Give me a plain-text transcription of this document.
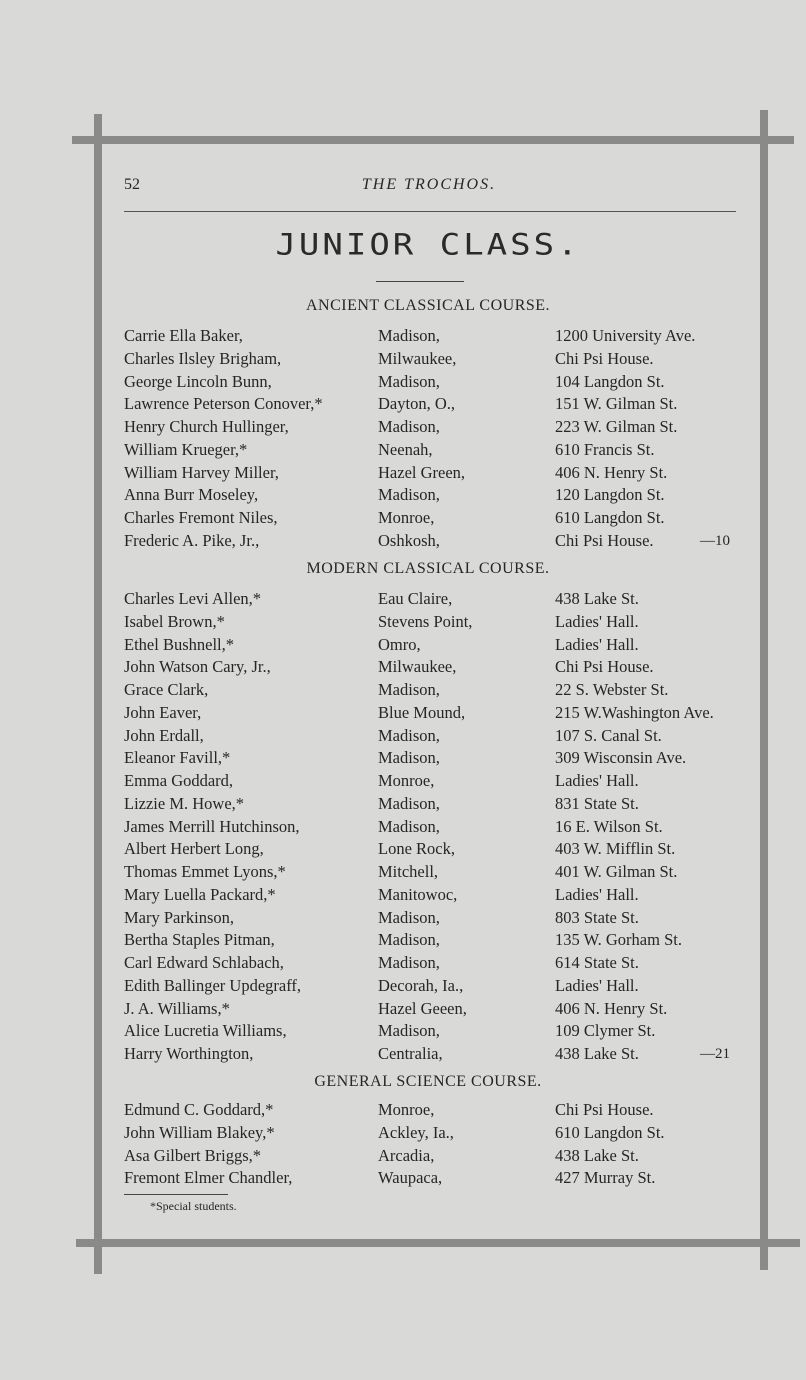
52	THE TROCHOS.
JUNIOR CLASS.
ANCIENT CLASSICAL COURSE.
Carrie Ella Baker,	Madison,	1200 University Ave.
Charles Ilsley Brigham,	Milwaukee,	Chi Psi House.
George Lincoln Bunn,	Madison,	104 Langdon St.
Lawrence Peterson Conover,*	Dayton, O.,	151 W. Gilman St.
Henry Church Hullinger,	Madison,	223 W. Gilman St.
William Krueger,*	Neenah,	610 Francis St.
William Harvey Miller,	Hazel Green,	406 N. Henry St.
Anna Burr Moseley,	Madison,	120 Langdon St.
Charles Fremont Niles,	Monroe,	610 Langdon St.
Frederic A. Pike, Jr.,	Oshkosh,	Chi Psi House.	—10
MODERN CLASSICAL COURSE.
Charles Levi Allen,*	Eau Claire,	438 Lake St.
Isabel Brown,*	Stevens Point,	Ladies' Hall.
Ethel Bushnell,*	Omro,	Ladies' Hall.
John Watson Cary, Jr.,	Milwaukee,	Chi Psi House.
Grace Clark,	Madison,	22 S. Webster St.
John Eaver,	Blue Mound,	215 W.Washington Ave.
John Erdall,	Madison,	107 S. Canal St.
Eleanor Favill,*	Madison,	309 Wisconsin Ave.
Emma Goddard,	Monroe,	Ladies' Hall.
Lizzie M. Howe,*	Madison,	831 State St.
James Merrill Hutchinson,	Madison,	16 E. Wilson St.
Albert Herbert Long,	Lone Rock,	403 W. Mifflin St.
Thomas Emmet Lyons,*	Mitchell,	401 W. Gilman St.
Mary Luella Packard,*	Manitowoc,	Ladies' Hall.
Mary Parkinson,	Madison,	803 State St.
Bertha Staples Pitman,	Madison,	135 W. Gorham St.
Carl Edward Schlabach,	Madison,	614 State St.
Edith Ballinger Updegraff,	Decorah, Ia.,	Ladies' Hall.
J. A. Williams,*	Hazel Geeen,	406 N. Henry St.
Alice Lucretia Williams,	Madison,	109 Clymer St.
Harry Worthington,	Centralia,	438 Lake St.	—21
GENERAL SCIENCE COURSE.
Edmund C. Goddard,*	Monroe,	Chi Psi House.
John William Blakey,*	Ackley, Ia.,	610 Langdon St.
Asa Gilbert Briggs,*	Arcadia,	438 Lake St.
Fremont Elmer Chandler,	Waupaca,	427 Murray St.
*Special students.
